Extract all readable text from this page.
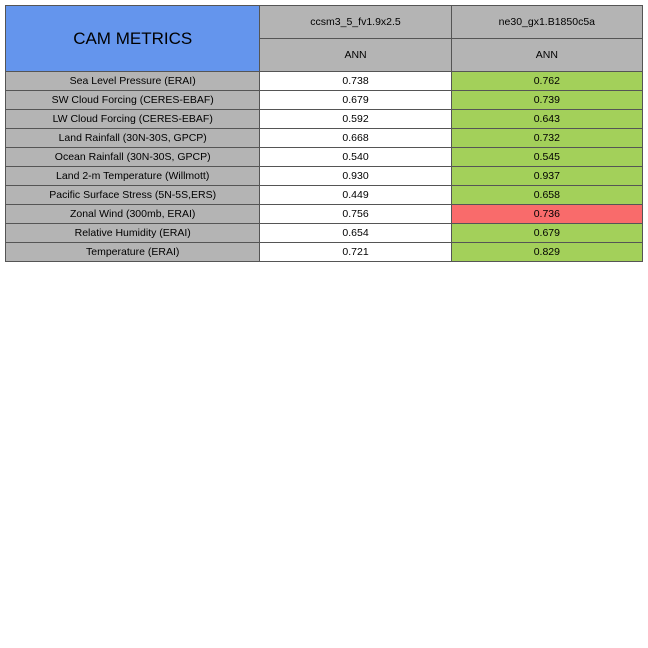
CAM METRICS	ccsm3_5_fv1.9x2.5	ne30_gx1.B1850c5a
	ANN	ANN
Sea Level Pressure (ERAI)	0.738	0.762
SW Cloud Forcing (CERES-EBAF)	0.679	0.739
LW Cloud Forcing (CERES-EBAF)	0.592	0.643
Land Rainfall (30N-30S, GPCP)	0.668	0.732
Ocean Rainfall (30N-30S, GPCP)	0.540	0.545
Land 2-m Temperature (Willmott)	0.930	0.937
Pacific Surface Stress (5N-5S,ERS)	0.449	0.658
Zonal Wind (300mb, ERAI)	0.756	0.736
Relative Humidity (ERAI)	0.654	0.679
Temperature (ERAI)	0.721	0.829
